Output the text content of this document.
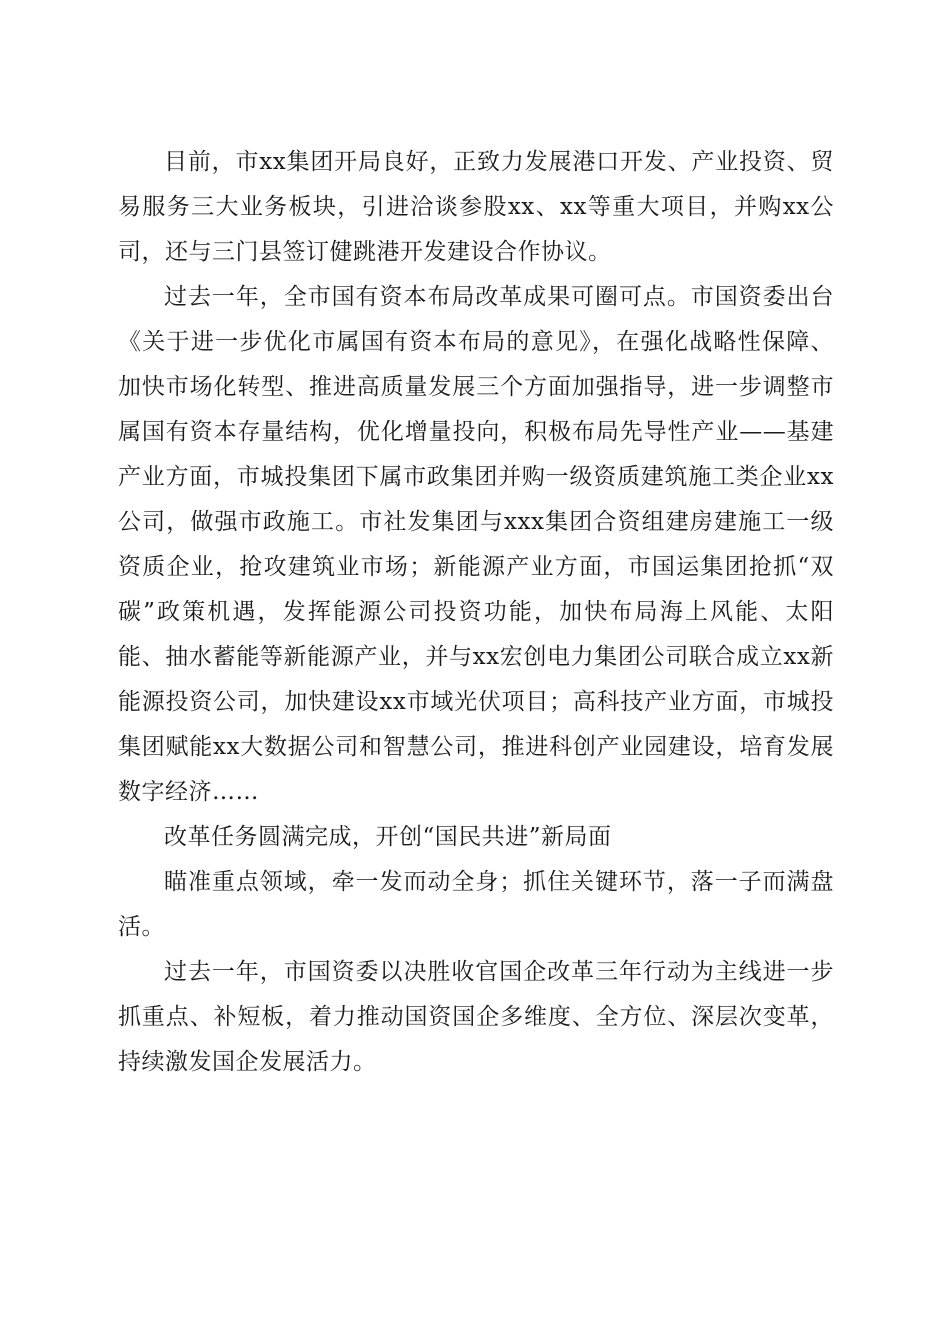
目前，市xx集团开局良好，正致力发展港口开发、产业投资、贸易服务三大业务板块，引进洽谈参股xx、xx等重大项目，并购xx公司，还与三门县签订健跳港开发建设合作协议。

过去一年，全市国有资本布局改革成果可圈可点。市国资委出台《关于进一步优化市属国有资本布局的意见》，在强化战略性保障、加快市场化转型、推进高质量发展三个方面加强指导，进一步调整市属国有资本存量结构，优化增量投向，积极布局先导性产业——基建产业方面，市城投集团下属市政集团并购一级资质建筑施工类企业xx公司，做强市政施工。市社发集团与xxx集团合资组建房建施工一级资质企业，抢攻建筑业市场；新能源产业方面，市国运集团抢抓“双碳”政策机遇，发挥能源公司投资功能，加快布局海上风能、太阳能、抽水蓄能等新能源产业，并与xx宏创电力集团公司联合成立xx新能源投资公司，加快建设xx市域光伏项目；高科技产业方面，市城投集团赋能xx大数据公司和智慧公司，推进科创产业园建设，培育发展数字经济……

改革任务圆满完成，开创“国民共进”新局面

瞄准重点领域，牵一发而动全身；抓住关键环节，落一子而满盘活。

过去一年，市国资委以决胜收官国企改革三年行动为主线进一步抓重点、补短板，着力推动国资国企多维度、全方位、深层次变革，持续激发国企发展活力。
